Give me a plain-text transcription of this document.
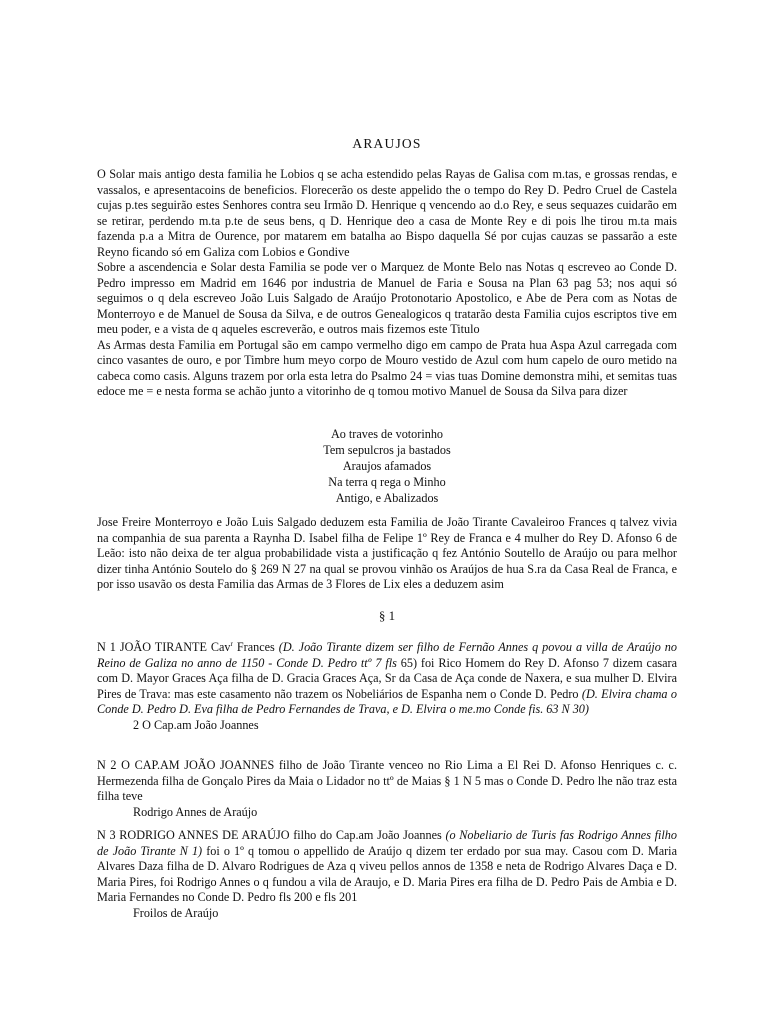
ARAUJOS

O Solar mais antigo desta familia he Lobios q se acha estendido pelas Rayas de Galisa com m.tas, e grossas rendas, e vassalos, e apresentacoins de beneficios. Florecerão os deste appelido the o tempo do Rey D. Pedro Cruel de Castela cujas p.tes seguirão estes Senhores contra seu Irmão D. Henrique q vencendo ao d.o Rey, e seus sequazes cuidarão em se retirar, perdendo m.ta p.te de seus bens, q D. Henrique deo a casa de Monte Rey e di pois lhe tirou m.ta mais fazenda p.a a Mitra de Ourence, por matarem em batalha ao Bispo daquella Sé por cujas cauzas se passarão a este Reyno ficando só em Galiza com Lobios e Gondive

Sobre a ascendencia e Solar desta Familia se pode ver o Marquez de Monte Belo nas Notas q escreveo ao Conde D. Pedro impresso em Madrid em 1646 por industria de Manuel de Faria e Sousa na Plan 63 pag 53; nos aqui só seguimos o q dela escreveo João Luis Salgado de Araújo Protonotario Apostolico, e Abe de Pera com as Notas de Monterroyo e de Manuel de Sousa da Silva, e de outros Genealogicos q tratarão desta Familia cujos escriptos tive em meu poder, e a vista de q aqueles escreverão, e outros mais fizemos este Titulo

As Armas desta Familia em Portugal são em campo vermelho digo em campo de Prata hua Aspa Azul carregada com cinco vasantes de ouro, e por Timbre hum meyo corpo de Mouro vestido de Azul com hum capelo de ouro metido na cabeca como casis. Alguns trazem por orla esta letra do Psalmo 24 = vias tuas Domine demonstra mihi, et semitas tuas edoce me = e nesta forma se achão junto a vitorinho de q tomou motivo Manuel de Sousa da Silva para dizer

Ao traves de votorinho
Tem sepulcros ja bastados
Araujos afamados
Na terra q rega o Minho
Antigo, e Abalizados

Jose Freire Monterroyo e João Luis Salgado deduzem esta Familia de João Tirante Cavaleiroo Frances q talvez vivia na companhia de sua parenta a Raynha D. Isabel filha de Felipe 1º Rey de Franca e 4 mulher do Rey D. Afonso 6 de Leão: isto não deixa de ter algua probabilidade vista a justificação q fez António Soutello de Araújo ou para melhor dizer tinha António Soutelo do § 269 N 27 na qual se provou vinhão os Araújos de hua S.ra da Casa Real de Franca, e por isso usavão os desta Familia das Armas de 3 Flores de Lix eles a deduzem asim

§ 1

N 1 JOÃO TIRANTE Cav$^r$ Frances (D. João Tirante dizem ser filho de Fernão Annes q povou a villa de Araújo no Reino de Galiza no anno de 1150 - Conde D. Pedro ttº 7 fls 65) foi Rico Homem do Rey D. Afonso 7 dizem casara com D. Mayor Graces Aça filha de D. Gracia Graces Aça, Sr da Casa de Aça conde de Naxera, e sua mulher D. Elvira Pires de Trava: mas este casamento não trazem os Nobeliários de Espanha nem o Conde D. Pedro (D. Elvira chama o Conde D. Pedro D. Eva filha de Pedro Fernandes de Trava, e D. Elvira o me.mo Conde fis. 63 N 30)

2 O Cap.am João Joannes

N 2 O CAP.AM JOÃO JOANNES filho de João Tirante venceo no Rio Lima a El Rei D. Afonso Henriques c. c. Hermezenda filha de Gonçalo Pires da Maia o Lidador no ttº de Maias § 1 N 5 mas o Conde D. Pedro lhe não traz esta filha teve

Rodrigo Annes de Araújo

N 3 RODRIGO ANNES DE ARAÚJO filho do Cap.am João Joannes (o Nobeliario de Turis fas Rodrigo Annes filho de João Tirante N 1) foi o 1º q tomou o appellido de Araújo q dizem ter erdado por sua may. Casou com D. Maria Alvares Daza filha de D. Alvaro Rodrigues de Aza q viveu pellos annos de 1358 e neta de Rodrigo Alvares Daça e D. Maria Pires, foi Rodrigo Annes o q fundou a vila de Araujo, e D. Maria Pires era filha de D. Pedro Pais de Ambia e D. Maria Fernandes no Conde D. Pedro fls 200 e fls 201

Froilos de Araújo
